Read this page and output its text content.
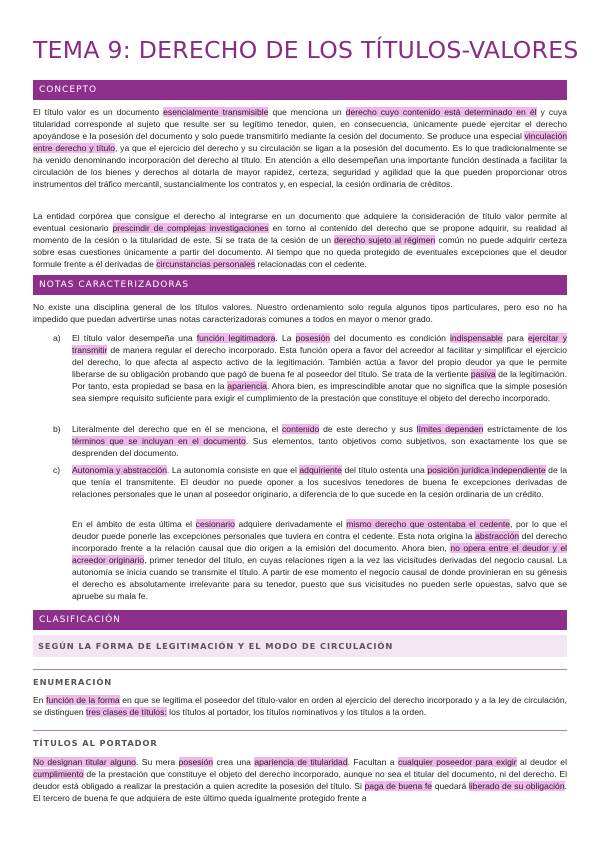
TEMA 9: DERECHO DE LOS TÍTULOS-VALORES
CONCEPTO
El título valor es un documento esencialmente transmisible que menciona un derecho cuyo contenido está determinado en él y cuya titularidad corresponde al sujeto que resulte ser su legítimo tenedor, quien, en consecuencia, únicamente puede ejercitar el derecho apoyándose e la posesión del documento y solo puede transmitirlo mediante la cesión del documento. Se produce una especial vinculación entre derecho y título, ya que el ejercicio del derecho y su circulación se ligan a la posesión del documento. Es lo que tradicionalmente se ha venido denominando incorporación del derecho al título. En atención a ello desempeñan una importante función destinada a facilitar la circulación de los bienes y derechos al dotarla de mayor rapidez, certeza, seguridad y agilidad que la que pueden proporcionar otros instrumentos del tráfico mercantil, sustancialmente los contratos y, en especial, la cesión ordinaria de créditos.
La entidad corpórea que consigue el derecho al integrarse en un documento que adquiere la consideración de título valor permite al eventual cesionario prescindir de complejas investigaciones en torno al contenido del derecho que se propone adquirir, su realidad al momento de la cesión o la titularidad de este. Si se trata de la cesión de un derecho sujeto al régimen común no puede adquirir certeza sobre esas cuestiones únicamente a partir del documento. Al tiempo que no queda protegido de eventuales excepciones que el deudor formule frente a él derivadas de circunstancias personales relacionadas con el cedente.
NOTAS CARACTERIZADORAS
No existe una disciplina general de los títulos valores. Nuestro ordenamiento solo regula algunos tipos particulares, pero eso no ha impedido que puedan advertirse unas notas caracterizadoras comunes a todos en mayor o menor grado.
a) El título valor desempeña una función legitimadora. La posesión del documento es condición indispensable para ejercitar y transmitir de manera regular el derecho incorporado. Esta función opera a favor del acreedor al facilitar y simplificar el ejercicio del derecho, lo que afecta al aspecto activo de la legitimación. También actúa a favor del propio deudor ya que le permite liberarse de su obligación probando que pagó de buena fe al poseedor del título. Se trata de la vertiente pasiva de la legitimación. Por tanto, esta propiedad se basa en la apariencia. Ahora bien, es imprescindible anotar que no significa que la simple posesión sea siempre requisito suficiente para exigir el cumplimiento de la prestación que constituye el objeto del derecho incorporado.
b) Literalmente del derecho que en él se menciona, el contenido de este derecho y sus límites dependen estrictamente de los términos que se incluyan en el documento. Sus elementos, tanto objetivos como subjetivos, son exactamente los que se desprenden del documento.
c) Autonomía y abstracción. La autonomía consiste en que el adquiriente del título ostenta una posición jurídica independiente de la que tenía el transmitente. El deudor no puede oponer a los sucesivos tenedores de buena fe excepciones derivadas de relaciones personales que le unan al poseedor originario, a diferencia de lo que sucede en la cesión ordinaria de un crédito.
En el ámbito de esta última el cesionario adquiere derivadamente el mismo derecho que ostentaba el cedente, por lo que el deudor puede ponerle las excepciones personales que tuviera en contra el cedente. Esta nota origina la abstracción del derecho incorporado frente a la relación causal que dio origen a la emisión del documento. Ahora bien, no opera entre el deudor y el acreedor originario, primer tenedor del título, en cuyas relaciones rigen a la vez las vicisitudes derivadas del negocio causal. La autonomía se inicia cuando se transmite el título. A partir de ese momento el negocio causal de donde provinieran en su génesis el derecho es absolutamente irrelevante para su tenedor, puesto que sus vicisitudes no pueden serle opuestas, salvo que se apruebe su mala fe.
CLASIFICACIÓN
SEGÚN LA FORMA DE LEGITIMACIÓN Y EL MODO DE CIRCULACIÓN
ENUMERACIÓN
En función de la forma en que se legitima el poseedor del título-valor en orden al ejercicio del derecho incorporado y a la ley de circulación, se distinguen tres clases de títulos: los títulos al portador, los títulos nominativos y los títulos a la orden.
TÍTULOS AL PORTADOR
No designan titular alguno. Su mera posesión crea una apariencia de titularidad. Facultan a cualquier poseedor para exigir al deudor el cumplimiento de la prestación que constituye el objeto del derecho incorporado, aunque no sea el titular del documento, ni del derecho. El deudor está obligado a realizar la prestación a quien acredite la posesión del título. Si paga de buena fe quedará liberado de su obligación. El tercero de buena fe que adquiera de este último queda igualmente protegido frente a
